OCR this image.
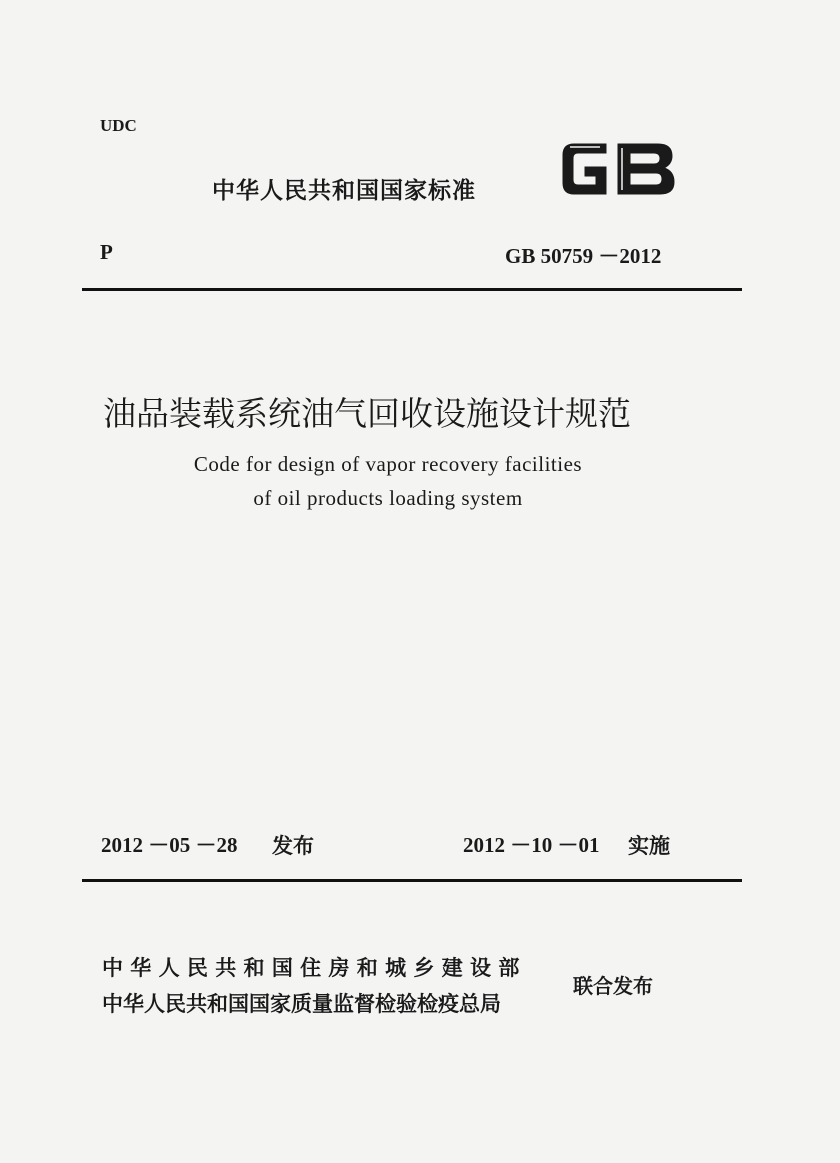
UDC
中华人民共和国国家标准
P	GB 50759 －2012
油品装载系统油气回收设施设计规范
Code for design of vapor recovery facilities
of oil products loading system
2012 －05 －28 发布	2012 －10 －01 实施
中 华 人 民 共 和 国 住 房 和 城 乡 建 设 部
中华人民共和国国家质量监督检验检疫总局
联合发布
